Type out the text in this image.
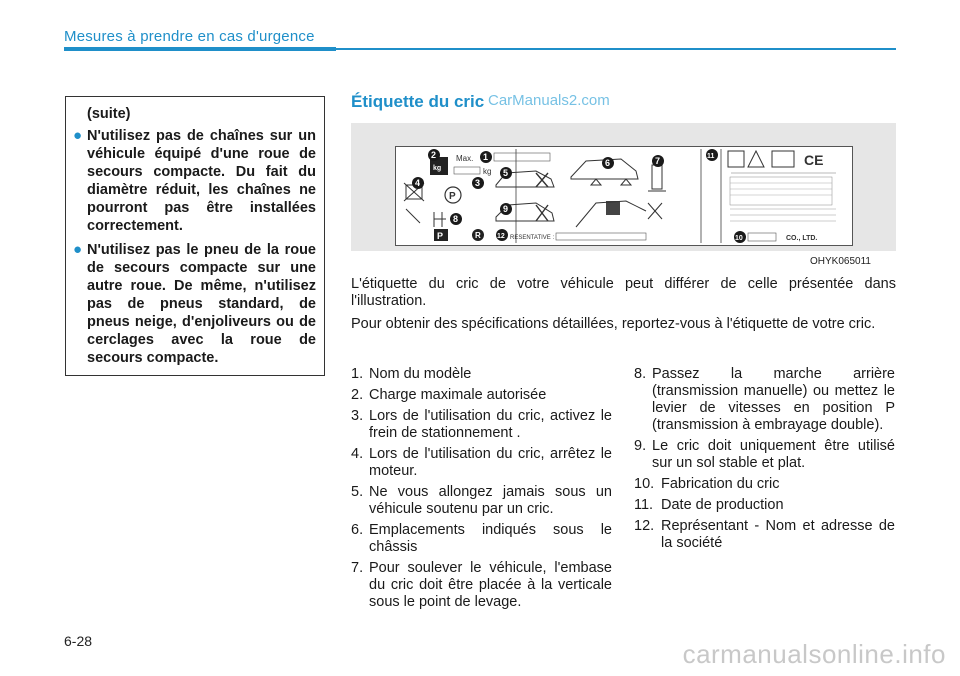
Mesures à prendre en cas d'urgence
(suite)
● N'utilisez pas de chaînes sur un véhicule équipé d'une roue de secours compacte. Du fait du diamètre réduit, les chaînes ne pourront pas être installées correctement.
● N'utilisez pas le pneu de la roue de secours compacte sur une autre roue. De même, n'utilisez pas de pneus standard, de pneus neige, d'enjoliveurs ou de cerclages avec la roue de secours compacte.
Étiquette du cric CarManuals2.com
kg
Max.
kg
P
P	R	RESENTATIVE :
CE
CO., LTD.
2	1
3
4
5
6	7
8
9
10
11
12
OHYK065011
L'étiquette du cric de votre véhicule peut différer de celle présentée dans l'illustration.
Pour obtenir des spécifications détaillées, reportez-vous à l'étiquette de votre cric.
1. Nom du modèle
2. Charge maximale autorisée
3. Lors de l'utilisation du cric, activez le frein de stationnement .
4. Lors de l'utilisation du cric, arrêtez le moteur.
5. Ne vous allongez jamais sous un véhicule soutenu par un cric.
6. Emplacements indiqués sous le châssis
7. Pour soulever le véhicule, l'embase du cric doit être placée à la verticale sous le point de levage.
8. Passez la marche arrière (transmission manuelle) ou mettez le levier de vitesses en position P (transmission à embrayage double).
9. Le cric doit uniquement être utilisé sur un sol stable et plat.
10. Fabrication du cric
11. Date de production
12. Représentant - Nom et adresse de la société
6-28	carmanualsonline.info
